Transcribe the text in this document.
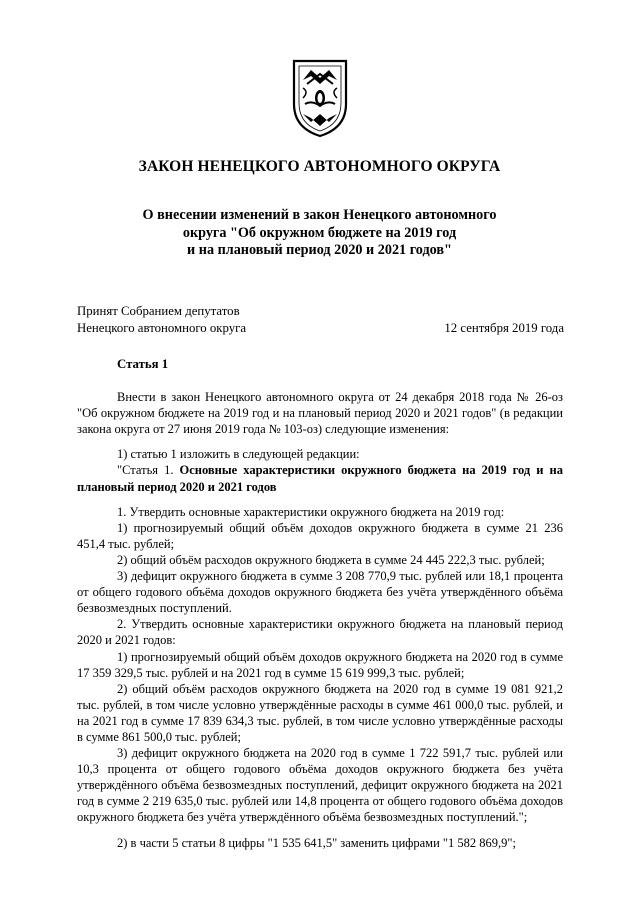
ЗАКОН НЕНЕЦКОГО АВТОНОМНОГО ОКРУГА
О внесении изменений в закон Ненецкого автономного
округа "Об окружном бюджете на 2019 год
и на плановый период 2020 и 2021 годов"
Принят Собранием депутатов
Ненецкого автономного округа	12 сентября 2019 года

Статья 1

Внести в закон Ненецкого автономного округа от 24 декабря 2018 года № 26-оз "Об окружном бюджете на 2019 год и на плановый период 2020 и 2021 годов" (в редакции закона округа от 27 июня 2019 года № 103-оз) следующие изменения:

1) статью 1 изложить в следующей редакции:

"Статья 1. Основные характеристики окружного бюджета на 2019 год и на плановый период 2020 и 2021 годов

1. Утвердить основные характеристики окружного бюджета на 2019 год:

1) прогнозируемый общий объём доходов окружного бюджета в сумме 21 236 451,4 тыс. рублей;

2) общий объём расходов окружного бюджета в сумме 24 445 222,3 тыс. рублей;

3) дефицит окружного бюджета в сумме 3 208 770,9 тыс. рублей или 18,1 процента от общего годового объёма доходов окружного бюджета без учёта утверждённого объёма безвозмездных поступлений.

2. Утвердить основные характеристики окружного бюджета на плановый период 2020 и 2021 годов:

1) прогнозируемый общий объём доходов окружного бюджета на 2020 год в сумме 17 359 329,5 тыс. рублей и на 2021 год в сумме 15 619 999,3 тыс. рублей;

2) общий объём расходов окружного бюджета на 2020 год в сумме 19 081 921,2 тыс. рублей, в том числе условно утверждённые расходы в сумме 461 000,0 тыс. рублей, и на 2021 год в сумме 17 839 634,3 тыс. рублей, в том числе условно утверждённые расходы в сумме 861 500,0 тыс. рублей;

3) дефицит окружного бюджета на 2020 год в сумме 1 722 591,7 тыс. рублей или 10,3 процента от общего годового объёма доходов окружного бюджета без учёта утверждённого объёма безвозмездных поступлений, дефицит окружного бюджета на 2021 год в сумме 2 219 635,0 тыс. рублей или 14,8 процента от общего годового объёма доходов окружного бюджета без учёта утверждённого объёма безвозмездных поступлений.";

2) в части 5 статьи 8 цифры "1 535 641,5" заменить цифрами "1 582 869,9";
